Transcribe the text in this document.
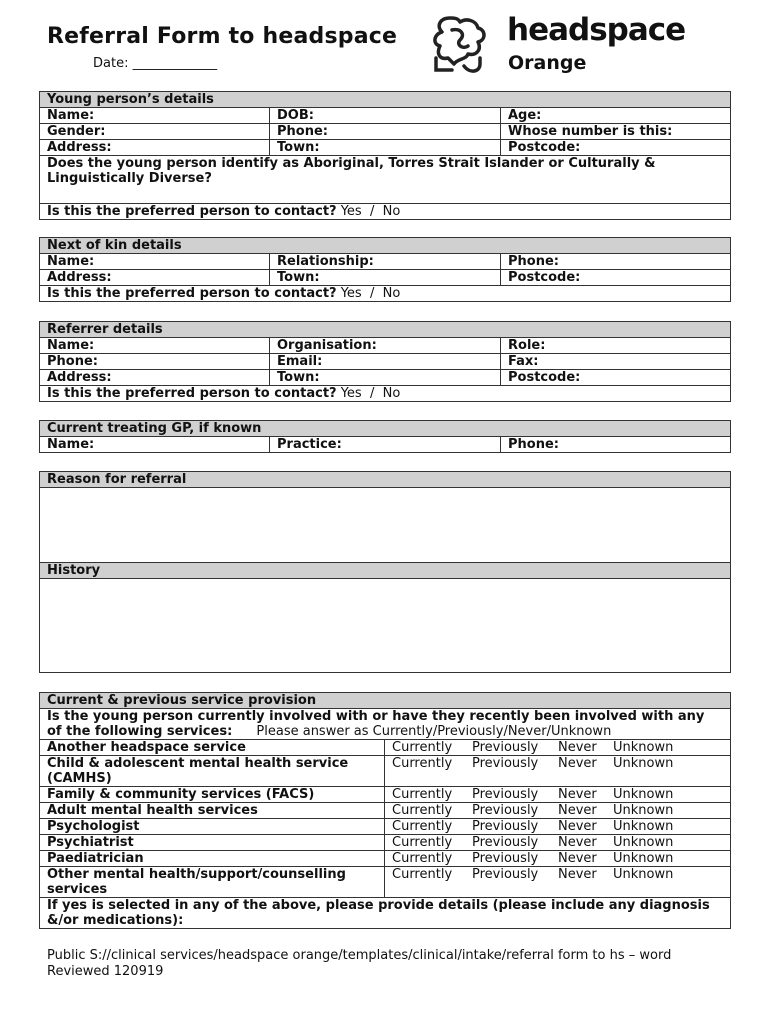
Referral Form to headspace
Date: _____________
headspace
Orange
Young person’s details		
Name:	DOB:	Age:
Gender:	Phone:	Whose number is this:
Address:	Town:	Postcode:
Does the young person identify as Aboriginal, Torres Strait Islander or Culturally & Linguistically Diverse?		
Is this the preferred person to contact? Yes  /  No		
Next of kin details		
Name:	Relationship:	Phone:
Address:	Town:	Postcode:
Is this the preferred person to contact? Yes  /  No		
Referrer details		
Name:	Organisation:	Role:
Phone:	Email:	Fax:
Address:	Town:	Postcode:
Is this the preferred person to contact? Yes  /  No		
Current treating GP, if known
Name:	Practice:	Phone:
Reason for referral

History

Current & previous service provision	
Is the young person currently involved with or have they recently been involved with any of the following services: Please answer as Currently/Previously/Never/Unknown	
Another headspace service	Currently Previously Never Unknown
Child & adolescent mental health service (CAMHS)	Currently Previously Never Unknown
Family & community services (FACS)	Currently Previously Never Unknown
Adult mental health services	Currently Previously Never Unknown
Psychologist	Currently Previously Never Unknown
Psychiatrist	Currently Previously Never Unknown
Paediatrician	Currently Previously Never Unknown
Other mental health/support/counselling services	Currently Previously Never Unknown
If yes is selected in any of the above, please provide details (please include any diagnosis &/or medications):	
Public S://clinical services/headspace orange/templates/clinical/intake/referral form to hs – word Reviewed 120919
